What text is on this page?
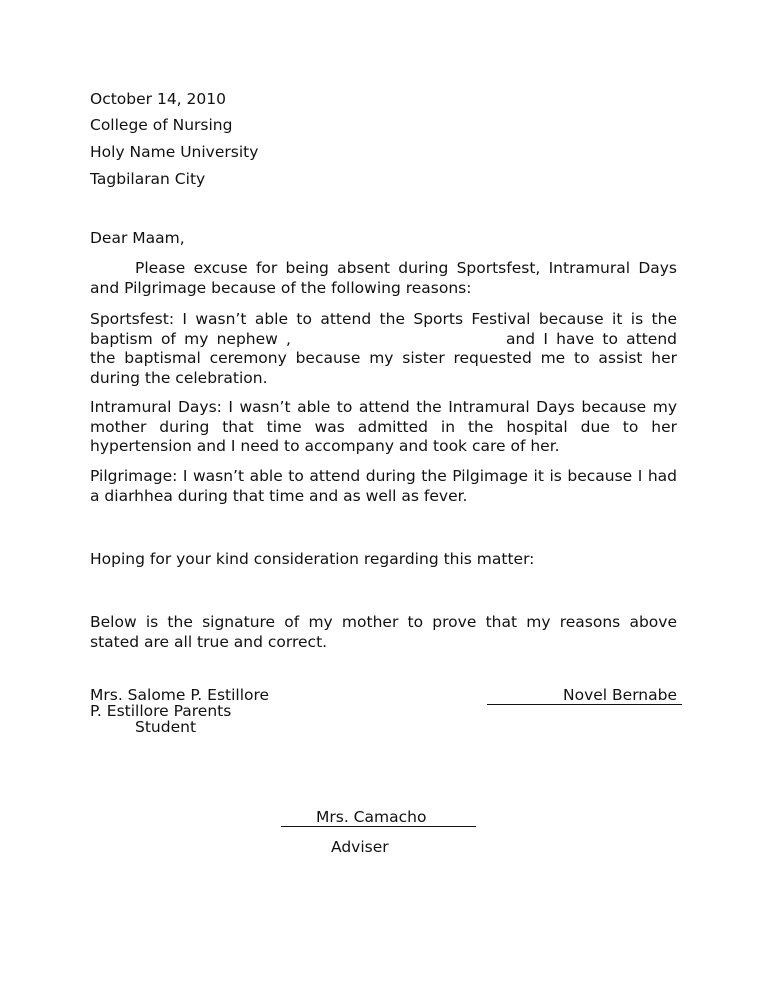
October 14, 2010

College of Nursing

Holy Name University

Tagbilaran City

Dear Maam,

Please excuse for being absent during Sportsfest, Intramural Days and Pilgrimage because of the following reasons:

Sportsfest: I wasn’t able to attend the Sports Festival because it is the baptism of my nephew ,	and I have to attend the baptismal ceremony because my sister requested me to assist her during the celebration.

Intramural Days: I wasn’t able to attend the Intramural Days because my mother during that time was admitted in the hospital due to her hypertension and I need to accompany and took care of her.

Pilgrimage: I wasn’t able to attend during the Pilgimage it is because I had a diarhhea during that time and as well as fever.

Hoping for your kind consideration regarding this matter:

Below is the signature of my mother to prove that my reasons above stated are all true and correct.

Mrs. Salome P. Estillore

P. Estillore Parents

Student

Novel Bernabe

Mrs. Camacho

Adviser
